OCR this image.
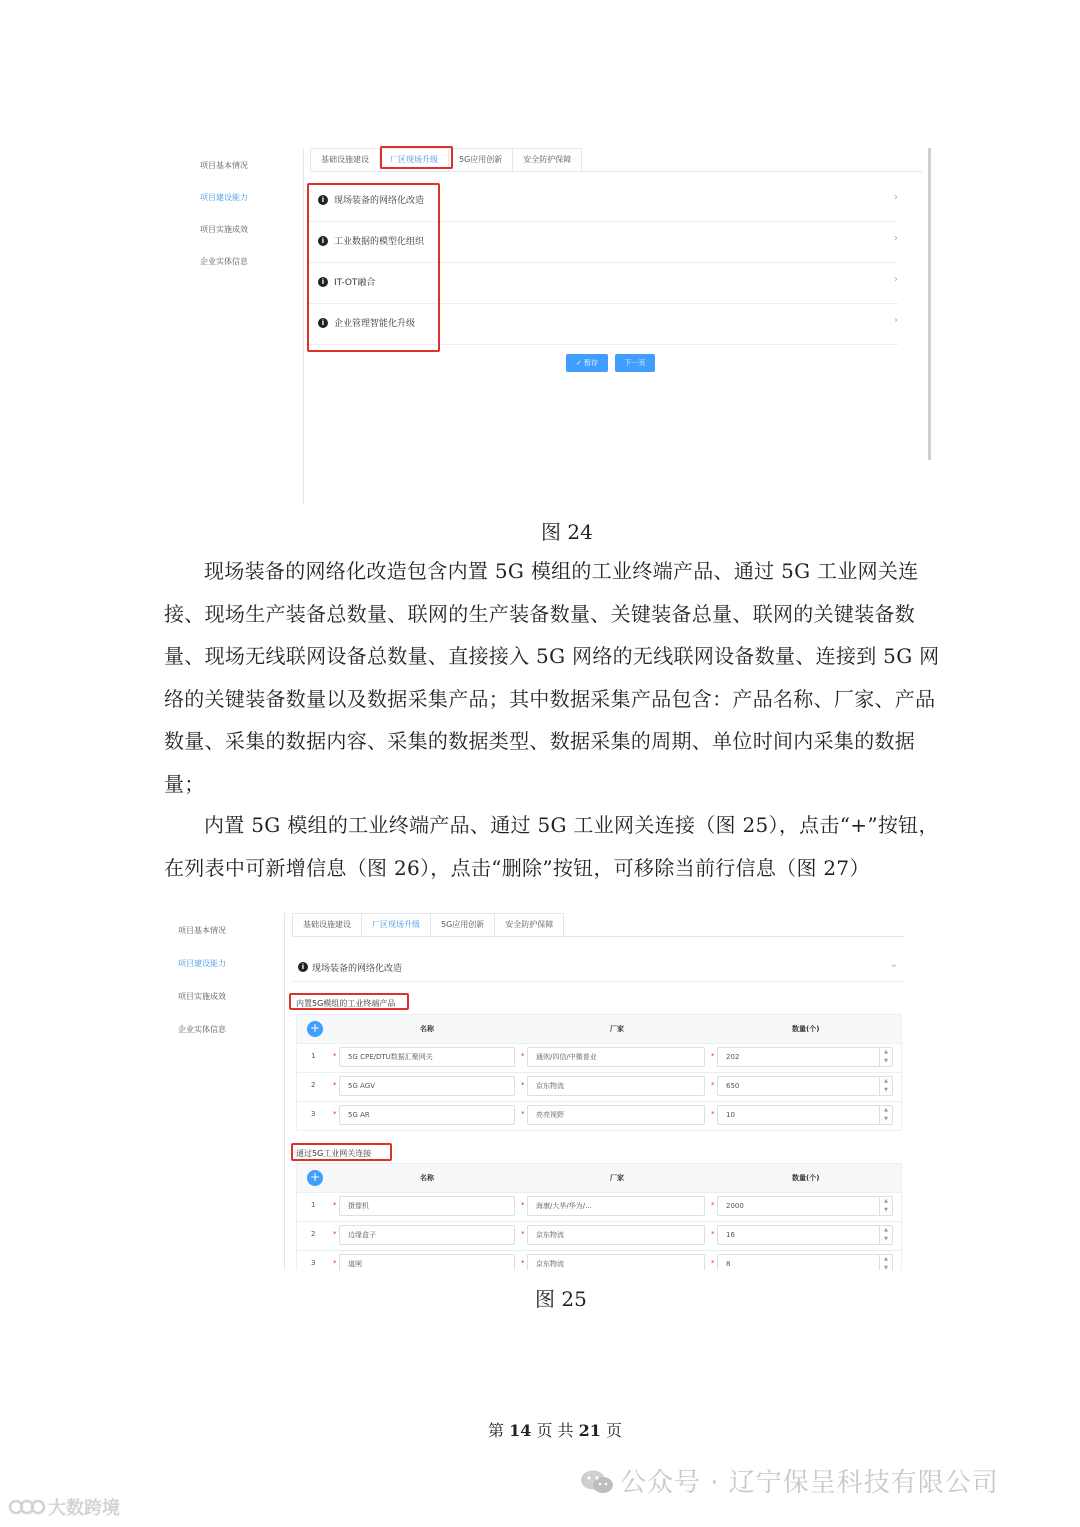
项目基本情况
项目建设能力
项目实施成效
企业实体信息
基础设施建设	厂区现场升级	5G应用创新	安全防护保障
i	现场装备的网络化改造	›
i	工业数据的模型化组织	›
i	IT-OT融合	›
i	企业管理智能化升级	›
✓ 暂存	下一页
图 24
现场装备的网络化改造包含内置 5G 模组的工业终端产品、通过 5G 工业网关连接、现场生产装备总数量、联网的生产装备数量、关键装备总量、联网的关键装备数量、现场无线联网设备总数量、直接接入 5G 网络的无线联网设备数量、连接到 5G 网络的关键装备数量以及数据采集产品；其中数据采集产品包含：产品名称、厂家、产品数量、采集的数据内容、采集的数据类型、数据采集的周期、单位时间内采集的数据量；
内置 5G 模组的工业终端产品、通过 5G 工业网关连接（图 25），点击“+”按钮，在列表中可新增信息（图 26），点击“删除”按钮，可移除当前行信息（图 27）
项目基本情况
项目建设能力
项目实施成效
企业实体信息
基础设施建设	厂区现场升级	5G应用创新	安全防护保障
i 现场装备的网络化改造	⌄
内置5G模组的工业终端产品
+	名称	厂家	数量(个)
1	*	5G CPE/DTU数据汇聚网关	*	通则/四信/中微普业	*	202
▲
▼
2	*	5G AGV	*	京东物流	*	650
▲
▼
3	*	5G AR	*	亮亮视野	*	10
▲
▼
通过5G工业网关连接
+	名称	厂家	数量(个)
1	*	摄像机	*	海康/大华/华为/...	*	2000
▲
▼
2	*	边缘盒子	*	京东物流	*	16
▲
▼
3	*	道闸	*	京东物流	*	8
▲
▼
图 25
第 14 页 共 21 页
公众号 · 辽宁保呈科技有限公司
大数跨境
